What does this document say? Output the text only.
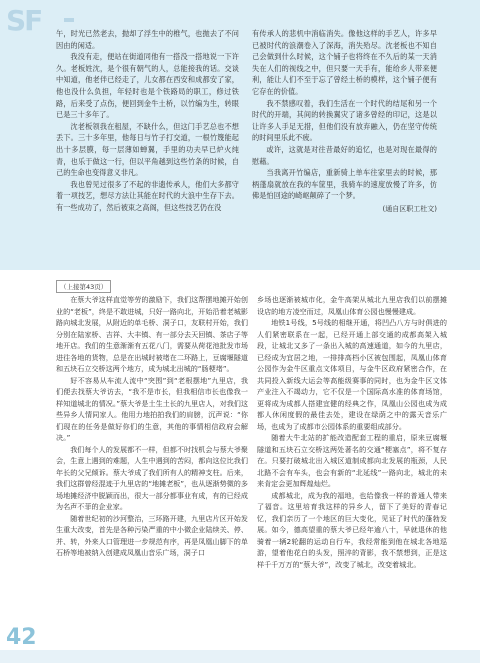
SF 午，时光已然老去，抛却了浮生中的椎气，也抛去了不问因由的闲适。

我没有走，便站在街道同他有一搭没一搭地说一下许久。老板姓沈，是个很有朝气的人，总能接我的话。交谈中知道，他老伴已经走了，儿女都在西安和成都安了家，他也没什么负担，年轻时也是个铁路局的职工，修过铁路，后来受了点伤，便回到金牛土桥，以竹编为生，转眼已是三十多年了。

沈老板领我在租屋，不缺什么，但这门手艺总也不想丢下。三十多年里，他每日与竹子打交道，一根竹篾能起出十多层膜，每一层薄如蝉翼，手里的功夫早已炉火纯青，也乐于做这一行，但以平角越到这些竹条的时候，自己的生命也变得意义非凡。

我也曾见过很多了不起的非遗传承人，他们大多都守着一项技艺，想尽方法让其能在时代的大浪中生存下去。有一些成功了，然后被束之高阁，但这些技艺仍在没

有传承人的悲机中消临消失。像他这样的手艺人，许多早已被时代的浪潮卷入了深海，消失殆尽。沈老板也不知自己会做到什么时候，这个铺子也将终在不久后的某一天消失在人们的视线之中，但只要一天手有，能给乡人带来便利，能让人们不至于忘了曾经土桥的模样，这个铺子便有它存在的价值。

我不禁感叹着，我们生活在一个时代的结尾和另一个时代的开端，其间的转换翼灾了诸多曾经的印记，这是以让许多人手足无措，但他们没有放弃融入，仍在坚守传统的时间里乐此不疲。

或许，这就是对往昔最好的追忆，也是对现在最得的慰藉。

当我离开竹编店，重新骑上单车往家里去的时候，那柄蓬扇就放在我的车筐里，我骑车的速度放慢了许多，仿佛是怕回途的崎岖颠碎了一个梦。

(通自区职工杜文)
（上接第43页）

在蔡大爷这样直觉等劳的激励下，我们这帮摆地摊开始创业的“老板”，终是不敢进城，只好一路向北，开始沿着老城影路向城北发展，从附近的单毛桥、洞子口，友联村开始，我们分别在陆家桥、吉祥、大丰镇、有一部分去天回镇、茶店子等地开店。我们的生意渐渐有五花八门，需要从荷花池批发市场进往各地的货物，总是在出城时被堵在二环路上，豆腐堰隧道和五块石立交桥这两个地方，成为城北出城的“肠梗堵”。

好不容易从车流人流中“突围”到“老根摆地”九里店，我们便去找蔡大爷访去，“我不是市长，但我相信市长也像我一样知道城北的情况。”蔡大爷是土生土长的九里店人，对我们这些异乡人情同家人。他用力地拍拍我们的肩膀，沉声说：“你们现在的任务是做好你们的生意，其他的事情相信政府会解决。”

我们每个人的发展都不一样，但都不时找机会与蔡大爷聚会，生意上遇到的难题，人生中遇到的苦闷，都向这位比我们年长的父兄倾诉。蔡大爷成了我们所有人的精神支柱。后来，我们这群曾经混迹于九里店的“地摊老板”，也从逐渐势微的多场地摊经济中脱颖而出，很大一部分都事业有成，有的已经成为名声不菲的企业家。

随着世纪初的沙河整治，三环路开建，九里店片区开始发生重大改变，首先是各种污染严重的中小微企业陆续关、停、并、转，外来人口管理进一步规范有序，再是凤凰山脚下的单石桥等地被纳入创建成凤凰山音乐广场，洞子口

乡场也逐渐被城市化，金牛高架从城北九里店我们以前摆摊设店的地方凌空而过，凤凰山体育公园也慢慢建成。

地铁1号线，5号线的相继开通，将凹凸八方与时俱进的人们紧密联系在一起，已经开通上部交通的成都高架入城段，让城北又多了一条出入城的高速通道，如今的九里店，已经成为宜居之地，一排排高档小区被包围起，凤凰山体育公园作为金牛区重点文体项目，与金牛区政府紧密合作，在共同投入新线大运会等高能级赛事的同时，也为金牛区文体产业注入不竭动力，它不仅是一个国际高水准的体育场馆，更将成为成都人搭建宜健的经典之作，凤凰山公园也成为成都人休闲度假的最佳去处，建设在绿荫之中的露天音乐广场，也成为了成都市公园体系的重要组成部分。

随着大牛北站的扩能改造配套工程的重启，原来豆腐堰隧道和五块石立交桥这两处著名的交通“梗塞点”，将不复存在。只要打破城北出入城区道制成都向北发展的瓶颈，人民北路不会有车头，也会有新的“北延线”一路向北，城北的未来肯定会更加辉煌灿烂。

成都城北，成为我的福地，也给像我一样的普通人带来了福音。这里培育我这样的异乡人，留下了美好的青春记忆，我们亲历了一个地区的巨大变化，见证了时代的蓬勃发展。如今，德高望重的蔡大爷已经年逾八十，早就退休的他骑着一辆2轮翻的运动自行车，我经常能到他在城北各地巡游，望着他花白的头发，照淬的背影，我不禁想到，正是这样千千万万的“蔡大爷”，改变了城北，改变着城北。

42
